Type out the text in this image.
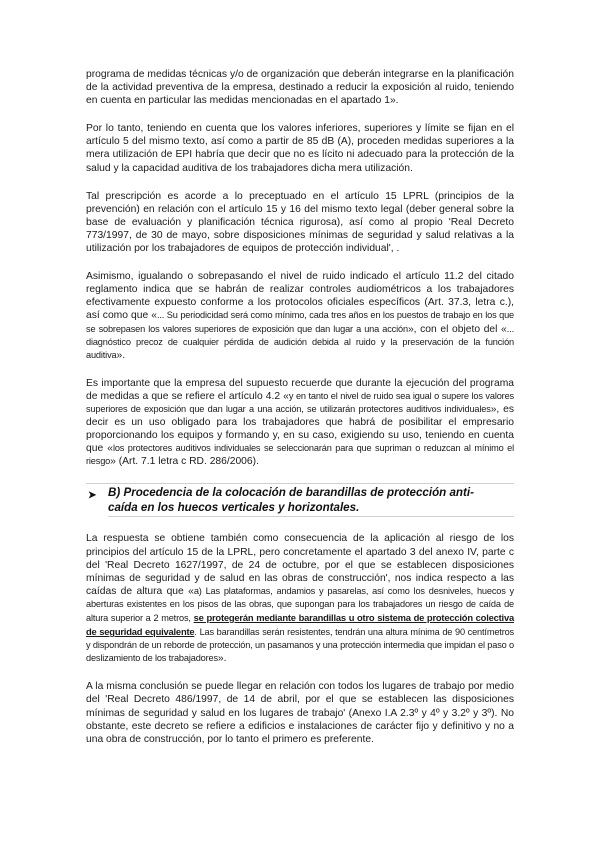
programa de medidas técnicas y/o de organización que deberán integrarse en la planificación de la actividad preventiva de la empresa, destinado a reducir la exposición al ruido, teniendo en cuenta en particular las medidas mencionadas en el apartado 1».

Por lo tanto, teniendo en cuenta que los valores inferiores, superiores y límite se fijan en el artículo 5 del mismo texto, así como a partir de 85 dB (A), proceden medidas superiores a la mera utilización de EPI habría que decir que no es lícito ni adecuado para la protección de la salud y la capacidad auditiva de los trabajadores dicha mera utilización.

Tal prescripción es acorde a lo preceptuado en el artículo 15 LPRL (principios de la prevención) en relación con el artículo 15 y 16 del mismo texto legal (deber general sobre la base de evaluación y planificación técnica rigurosa), así como al propio 'Real Decreto 773/1997, de 30 de mayo, sobre disposiciones mínimas de seguridad y salud relativas a la utilización por los trabajadores de equipos de protección individual', .

Asimismo, igualando o sobrepasando el nivel de ruido indicado el artículo 11.2 del citado reglamento indica que se habrán de realizar controles audiométricos a los trabajadores efectivamente expuesto conforme a los protocolos oficiales específicos (Art. 37.3, letra c.), así como que «... Su periodicidad será como mínimo, cada tres años en los puestos de trabajo en los que se sobrepasen los valores superiores de exposición que dan lugar a una acción», con el objeto del «... diagnóstico precoz de cualquier pérdida de audición debida al ruido y la preservación de la función auditiva».

Es importante que la empresa del supuesto recuerde que durante la ejecución del programa de medidas a que se refiere el artículo 4.2 «y en tanto el nivel de ruido sea igual o supere los valores superiores de exposición que dan lugar a una acción, se utilizarán protectores auditivos individuales», es decir es un uso obligado para los trabajadores que habrá de posibilitar el empresario proporcionando los equipos y formando y, en su caso, exigiendo su uso, teniendo en cuenta que «los protectores auditivos individuales se seleccionarán para que supriman o reduzcan al mínimo el riesgo» (Art. 7.1 letra c RD. 286/2006).

➤ B) Procedencia de la colocación de barandillas de protección anti-
caída en los huecos verticales y horizontales.

La respuesta se obtiene también como consecuencia de la aplicación al riesgo de los principios del artículo 15 de la LPRL, pero concretamente el apartado 3 del anexo IV, parte c del 'Real Decreto 1627/1997, de 24 de octubre, por el que se establecen disposiciones mínimas de seguridad y de salud en las obras de construcción', nos indica respecto a las caídas de altura que «a) Las plataformas, andamios y pasarelas, así como los desniveles, huecos y aberturas existentes en los pisos de las obras, que supongan para los trabajadores un riesgo de caída de altura superior a 2 metros, se protegerán mediante barandillas u otro sistema de protección colectiva de seguridad equivalente. Las barandillas serán resistentes, tendrán una altura mínima de 90 centímetros y dispondrán de un reborde de protección, un pasamanos y una protección intermedia que impidan el paso o deslizamiento de los trabajadores».

A la misma conclusión se puede llegar en relación con todos los lugares de trabajo por medio del 'Real Decreto 486/1997, de 14 de abril, por el que se establecen las disposiciones mínimas de seguridad y salud en los lugares de trabajo' (Anexo I.A 2.3º y 4º y 3.2º y 3º). No obstante, este decreto se refiere a edificios e instalaciones de carácter fijo y definitivo y no a una obra de construcción, por lo tanto el primero es preferente.
